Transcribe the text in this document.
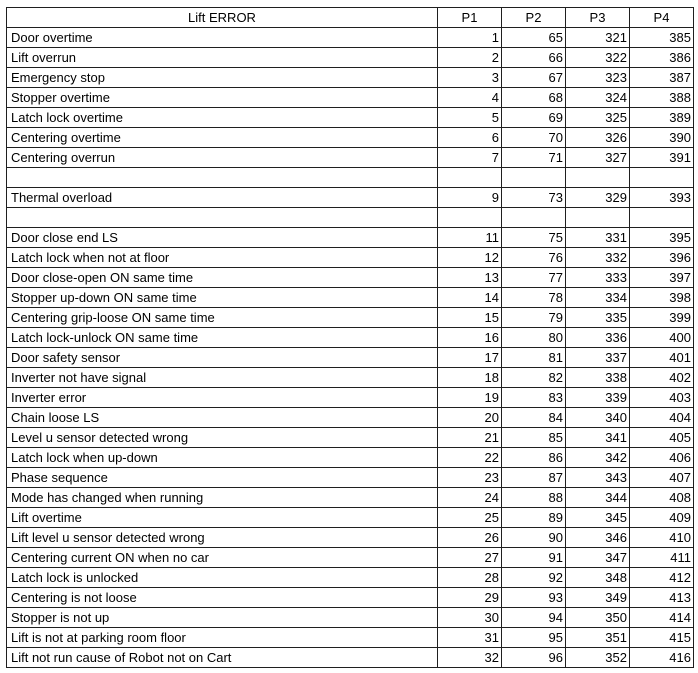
Lift ERROR	P1	P2	P3	P4
Door overtime	1	65	321	385
Lift overrun	2	66	322	386
Emergency stop	3	67	323	387
Stopper overtime	4	68	324	388
Latch lock overtime	5	69	325	389
Centering overtime	6	70	326	390
Centering overrun	7	71	327	391

Thermal overload	9	73	329	393

Door close end LS	11	75	331	395
Latch lock when not at floor	12	76	332	396
Door close-open ON same time	13	77	333	397
Stopper up-down ON same time	14	78	334	398
Centering grip-loose ON same time	15	79	335	399
Latch lock-unlock ON same time	16	80	336	400
Door safety sensor	17	81	337	401
Inverter not have signal	18	82	338	402
Inverter error	19	83	339	403
Chain loose LS	20	84	340	404
Level u sensor detected wrong	21	85	341	405
Latch lock when up-down	22	86	342	406
Phase sequence	23	87	343	407
Mode has changed when running	24	88	344	408
Lift overtime	25	89	345	409
Lift level u sensor detected wrong	26	90	346	410
Centering current ON when no car	27	91	347	411
Latch lock is unlocked	28	92	348	412
Centering is not loose	29	93	349	413
Stopper is not up	30	94	350	414
Lift is not at parking room floor	31	95	351	415
Lift not run cause of Robot not on Cart	32	96	352	416
